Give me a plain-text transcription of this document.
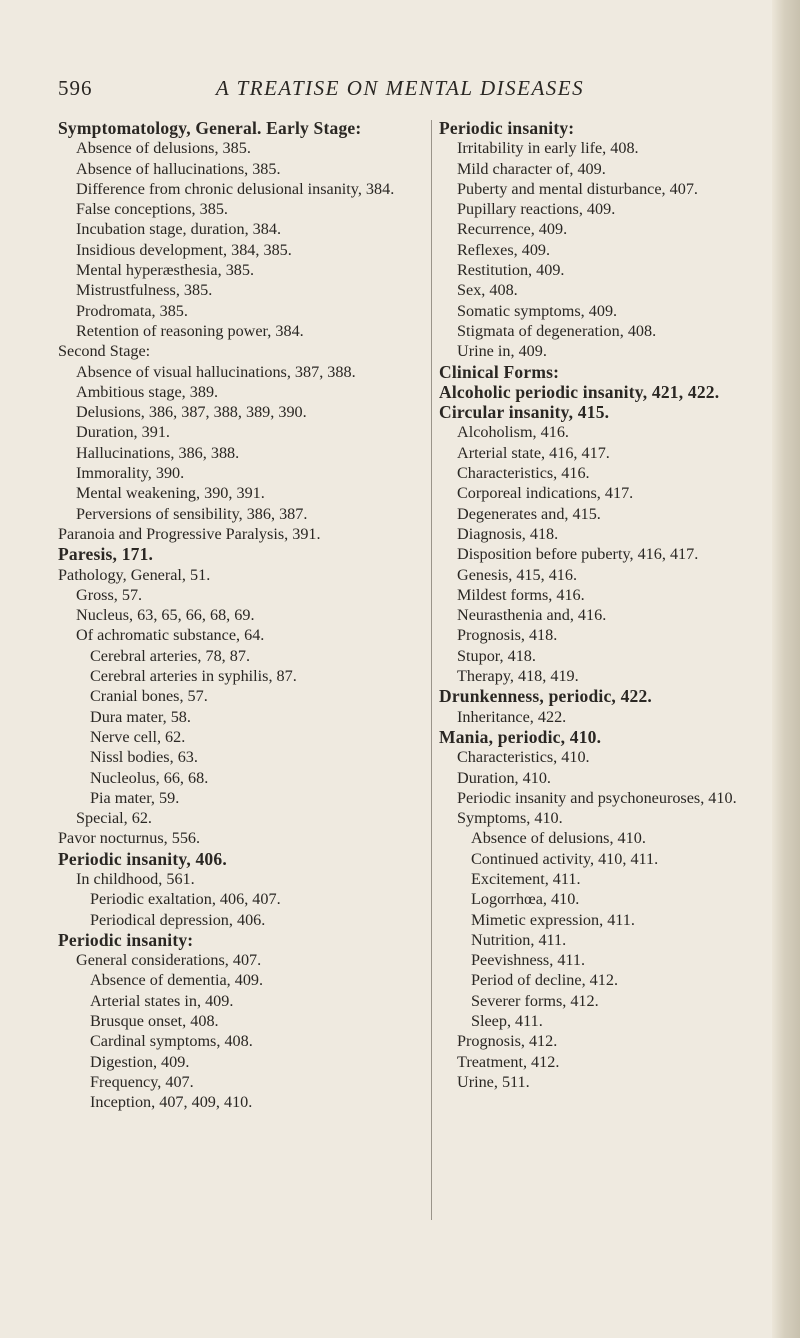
596	A TREATISE ON MENTAL DISEASES
Symptomatology, General. Early Stage:
Absence of delusions, 385.
Absence of hallucinations, 385.
Difference from chronic delusional insanity, 384.
False conceptions, 385.
Incubation stage, duration, 384.
Insidious development, 384, 385.
Mental hyperæsthesia, 385.
Mistrustfulness, 385.
Prodromata, 385.
Retention of reasoning power, 384.
Second Stage:
Absence of visual hallucinations, 387, 388.
Ambitious stage, 389.
Delusions, 386, 387, 388, 389, 390.
Duration, 391.
Hallucinations, 386, 388.
Immorality, 390.
Mental weakening, 390, 391.
Perversions of sensibility, 386, 387.
Paranoia and Progressive Paralysis, 391.
Paresis, 171.
Pathology, General, 51.
Gross, 57.
Nucleus, 63, 65, 66, 68, 69.
Of achromatic substance, 64.
Cerebral arteries, 78, 87.
Cerebral arteries in syphilis, 87.
Cranial bones, 57.
Dura mater, 58.
Nerve cell, 62.
Nissl bodies, 63.
Nucleolus, 66, 68.
Pia mater, 59.
Special, 62.
Pavor nocturnus, 556.
Periodic insanity, 406.
In childhood, 561.
Periodic exaltation, 406, 407.
Periodical depression, 406.
Periodic insanity:
General considerations, 407.
Absence of dementia, 409.
Arterial states in, 409.
Brusque onset, 408.
Cardinal symptoms, 408.
Digestion, 409.
Frequency, 407.
Inception, 407, 409, 410.
Periodic insanity:
Irritability in early life, 408.
Mild character of, 409.
Puberty and mental disturbance, 407.
Pupillary reactions, 409.
Recurrence, 409.
Reflexes, 409.
Restitution, 409.
Sex, 408.
Somatic symptoms, 409.
Stigmata of degeneration, 408.
Urine in, 409.
Clinical Forms:
Alcoholic periodic insanity, 421, 422.
Circular insanity, 415.
Alcoholism, 416.
Arterial state, 416, 417.
Characteristics, 416.
Corporeal indications, 417.
Degenerates and, 415.
Diagnosis, 418.
Disposition before puberty, 416, 417.
Genesis, 415, 416.
Mildest forms, 416.
Neurasthenia and, 416.
Prognosis, 418.
Stupor, 418.
Therapy, 418, 419.
Drunkenness, periodic, 422.
Inheritance, 422.
Mania, periodic, 410.
Characteristics, 410.
Duration, 410.
Periodic insanity and psychoneuroses, 410.
Symptoms, 410.
Absence of delusions, 410.
Continued activity, 410, 411.
Excitement, 411.
Logorrhœa, 410.
Mimetic expression, 411.
Nutrition, 411.
Peevishness, 411.
Period of decline, 412.
Severer forms, 412.
Sleep, 411.
Prognosis, 412.
Treatment, 412.
Urine, 511.
